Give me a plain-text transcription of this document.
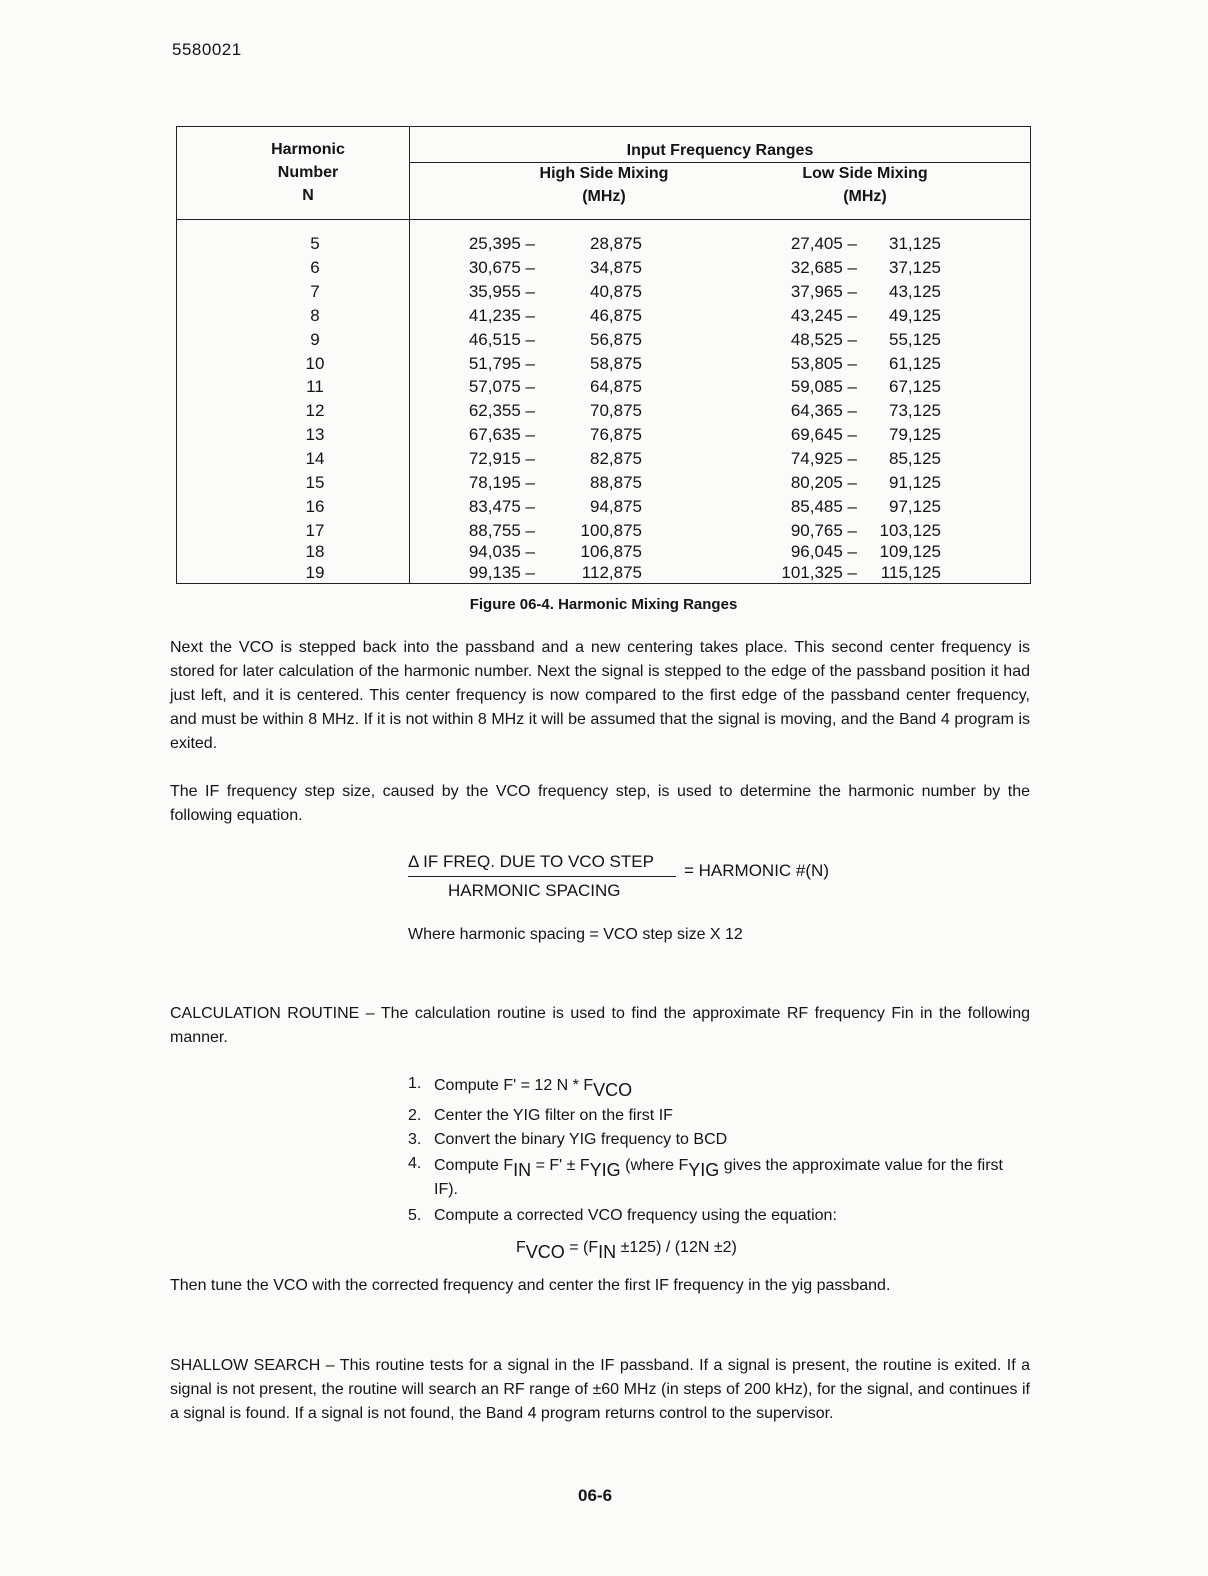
5580021
Harmonic
Number
N
Input Frequency Ranges
High Side Mixing
(MHz)
Low Side Mixing
(MHz)
5	25,395 –	28,875	27,405 – 31,125
6	30,675 –	34,875	32,685 – 37,125
7	35,955 –	40,875	37,965 – 43,125
8	41,235 –	46,875	43,245 – 49,125
9	46,515 –	56,875	48,525 – 55,125
10	51,795 –	58,875	53,805 – 61,125
11	57,075 –	64,875	59,085 – 67,125
12	62,355 –	70,875	64,365 – 73,125
13	67,635 –	76,875	69,645 – 79,125
14	72,915 –	82,875	74,925 – 85,125
15	78,195 –	88,875	80,205 – 91,125
16	83,475 –	94,875	85,485 – 97,125
17	88,755 –	100,875	90,765 – 103,125
18	94,035 –	106,875	96,045 – 109,125
19	99,135 –	112,875	101,325 – 115,125
Figure 06-4. Harmonic Mixing Ranges
Next the VCO is stepped back into the passband and a new centering takes place. This second center frequency is stored for later calculation of the harmonic number. Next the signal is stepped to the edge of the passband position it had just left, and it is centered. This center frequency is now compared to the first edge of the passband center frequency, and must be within 8 MHz. If it is not within 8 MHz it will be assumed that the signal is moving, and the Band 4 program is exited.
The IF frequency step size, caused by the VCO frequency step, is used to determine the harmonic number by the following equation.
Δ IF FREQ. DUE TO VCO STEP
HARMONIC SPACING
= HARMONIC #(N)
Where harmonic spacing = VCO step size X 12
CALCULATION ROUTINE – The calculation routine is used to find the approximate RF frequency Fin in the following manner.
1. Compute F' = 12 N * FVCO
2. Center the YIG filter on the first IF
3. Convert the binary YIG frequency to BCD
4. Compute FIN = F' ± FYIG (where FYIG gives the approximate value for the first IF).
5. Compute a corrected VCO frequency using the equation:
FVCO = (FIN ±125) / (12N ±2)
Then tune the VCO with the corrected frequency and center the first IF frequency in the yig passband.
SHALLOW SEARCH – This routine tests for a signal in the IF passband. If a signal is present, the routine is exited. If a signal is not present, the routine will search an RF range of ±60 MHz (in steps of 200 kHz), for the signal, and continues if a signal is found. If a signal is not found, the Band 4 program returns control to the supervisor.
06-6
